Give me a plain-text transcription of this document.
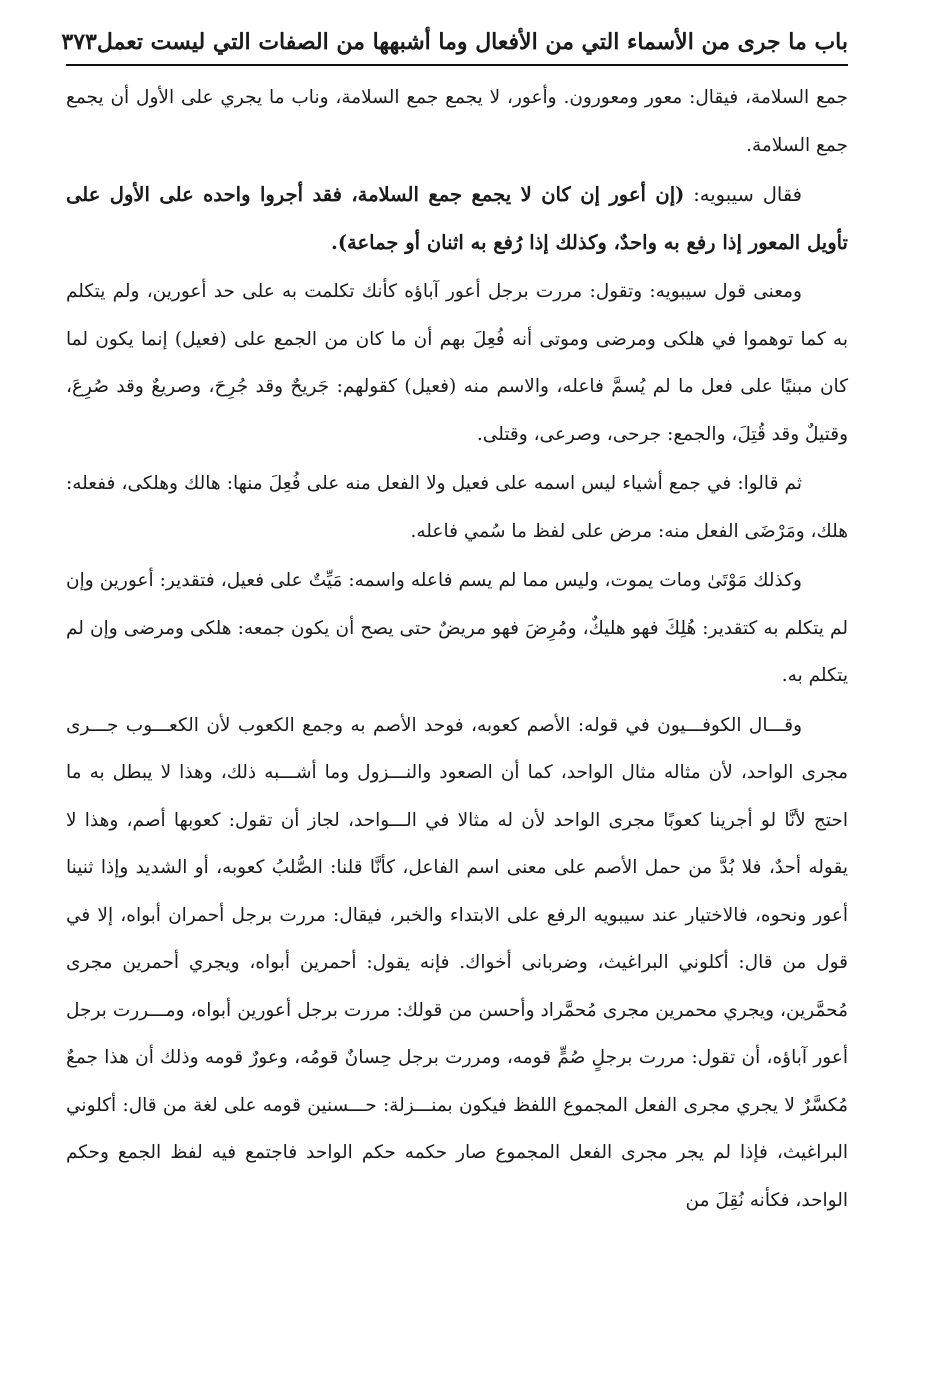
باب ما جرى من الأسماء التي من الأفعال وما أشبهها من الصفات التي ليست تعمل
٣٧٣

جمع السلامة، فيقال: معور ومعورون. وأعور، لا يجمع جمع السلامة، وناب ما يجري على الأول أن يجمع جمع السلامة.

فقال سيبويه: (إن أعور إن كان لا يجمع جمع السلامة، فقد أجروا واحده على الأول على تأويل المعور إذا رفع به واحدٌ، وكذلك إذا رُفع به اثنان أو جماعة).

ومعنى قول سيبويه: وتقول: مررت برجل أعور آباؤه كأنك تكلمت به على حد أعورين، ولم يتكلم به كما توهموا في هلكى ومرضى وموتى أنه فُعِلَ بهم أن ما كان من الجمع على (فعيل) إنما يكون لما كان مبنيًا على فعل ما لم يُسمَّ فاعله، والاسم منه (فعيل) كقولهم: جَريحٌ وقد جُرِحَ، وصريعٌ وقد صُرِعَ، وقتيلٌ وقد قُتِلَ، والجمع: جرحى، وصرعى، وقتلى.

ثم قالوا: في جمع أشياء ليس اسمه على فعيل ولا الفعل منه على فُعِلَ منها: هالك وهلكى، ففعله: هلك، ومَرْضَى الفعل منه: مرض على لفظ ما سُمي فاعله.

وكذلك مَوْتَىٰ ومات يموت، وليس مما لم يسم فاعله واسمه: مَيِّتٌ على فعيل، فتقدير: أعورين وإن لم يتكلم به كتقدير: هُلِكَ فهو هليكٌ، ومُرِضَ فهو مريضٌ حتى يصح أن يكون جمعه: هلكى ومرضى وإن لم يتكلم به.

وقـــال الكوفـــيون في قوله: الأصم كعوبه، فوحد الأصم به وجمع الكعوب لأن الكعـــوب جـــرى مجرى الواحد، لأن مثاله مثال الواحد، كما أن الصعود والنـــزول وما أشـــبه ذلك، وهذا لا يبطل به ما احتج لأنَّا لو أجرينا كعوبًا مجرى الواحد لأن له مثالا في الـــواحد، لجاز أن تقول: كعوبها أصم، وهذا لا يقوله أحدٌ، فلا بُدَّ من حمل الأصم على معنى اسم الفاعل، كأنَّا قلنا: الصُّلبُ كعوبه، أو الشديد وإذا ثنينا أعور ونحوه، فالاختيار عند سيبويه الرفع على الابتداء والخبر، فيقال: مررت برجل أحمران أبواه، إلا في قول من قال: أكلوني البراغيث، وضربانى أخواك. فإنه يقول: أحمرين أبواه، ويجري أحمرين مجرى مُحمَّرين، ويجري محمرين مجرى مُحمَّراد وأحسن من قولك: مررت برجل أعورين أبواه، ومـــررت برجل أعور آباؤه، أن تقول: مررت برجلٍ صُمٍّ قومه، ومررت برجل حِسانٌ قومُه، وعورٌ قومه وذلك أن هذا جمعٌ مُكسَّرٌ لا يجري مجرى الفعل المجموع اللفظ فيكون بمنـــزلة: حـــسنين قومه على لغة من قال: أكلوني البراغيث، فإذا لم يجر مجرى الفعل المجموع صار حكمه حكم الواحد فاجتمع فيه لفظ الجمع وحكم الواحد، فكأنه نُقِلَ من
